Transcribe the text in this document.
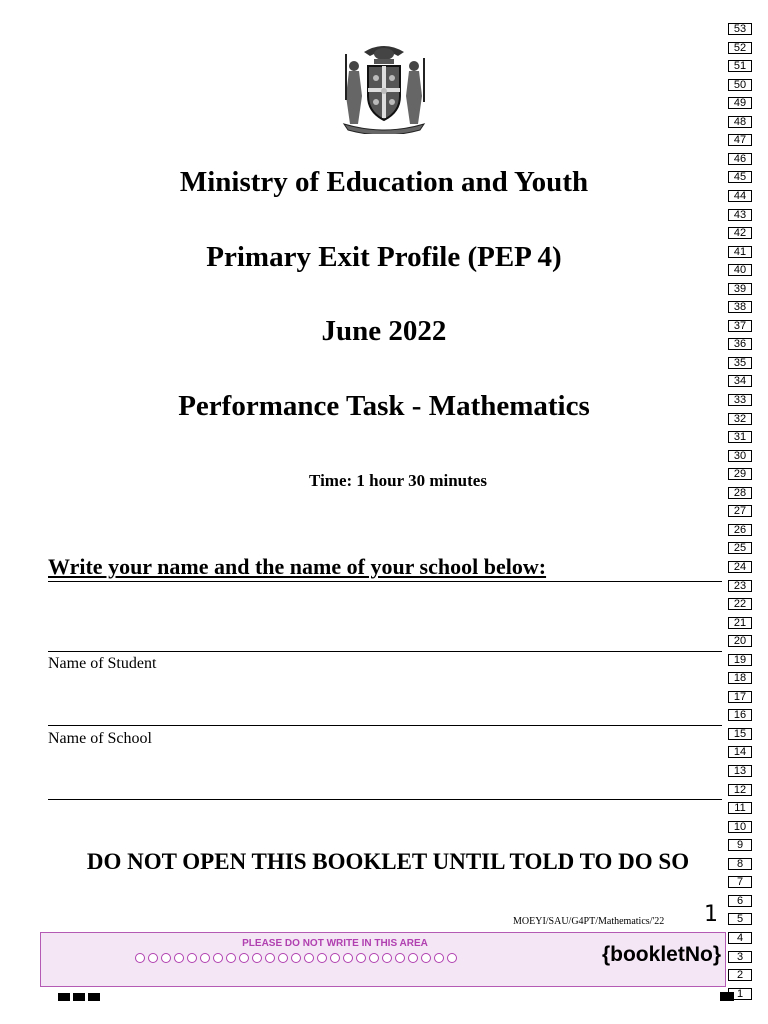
Ministry of Education and Youth
Primary Exit Profile (PEP 4)
June 2022
Performance Task - Mathematics
Time: 1 hour 30 minutes
Write your name and the name of your school below:
Name of Student
Name of School
DO NOT OPEN THIS BOOKLET UNTIL TOLD TO DO SO
MOEYI/SAU/G4PT/Mathematics/'22 1
PLEASE DO NOT WRITE IN THIS AREA	{bookletNo}
53
52
51
50
49
48
47
46
45
44
43
42
41
40
39
38
37
36
35
34
33
32
31
30
29
28
27
26
25
24
23
22
21
20
19
18
17
16
15
14
13
12
11
10
9
8
7
6
5
4
3
2
1
